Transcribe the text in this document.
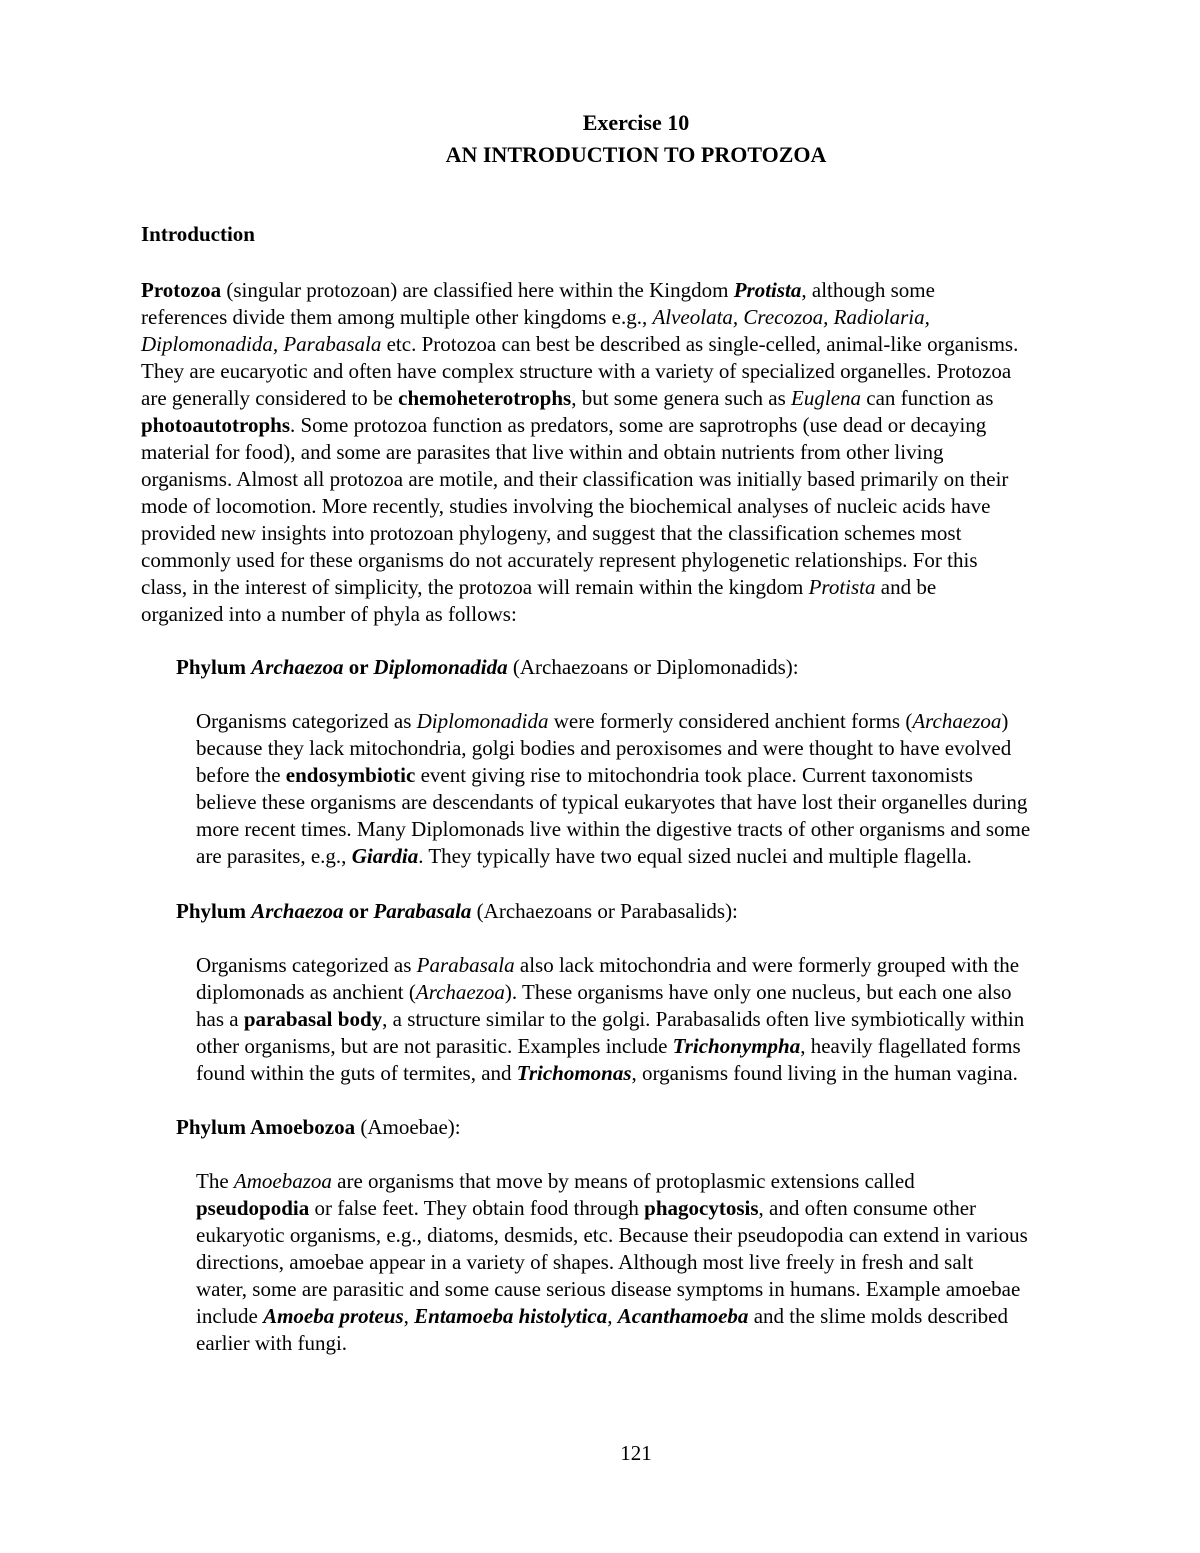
Exercise 10

AN INTRODUCTION TO PROTOZOA

Introduction

Protozoa (singular protozoan) are classified here within the Kingdom Protista, although some
references divide them among multiple other kingdoms e.g., Alveolata, Crecozoa, Radiolaria,
Diplomonadida, Parabasala etc. Protozoa can best be described as single-celled, animal-like organisms.
They are eucaryotic and often have complex structure with a variety of specialized organelles. Protozoa
are generally considered to be chemoheterotrophs, but some genera such as Euglena can function as
photoautotrophs. Some protozoa function as predators, some are saprotrophs (use dead or decaying
material for food), and some are parasites that live within and obtain nutrients from other living
organisms. Almost all protozoa are motile, and their classification was initially based primarily on their
mode of locomotion. More recently, studies involving the biochemical analyses of nucleic acids have
provided new insights into protozoan phylogeny, and suggest that the classification schemes most
commonly used for these organisms do not accurately represent phylogenetic relationships. For this
class, in the interest of simplicity, the protozoa will remain within the kingdom Protista and be
organized into a number of phyla as follows:

Phylum Archaezoa or Diplomonadida (Archaezoans or Diplomonadids):

Organisms categorized as Diplomonadida were formerly considered anchient forms (Archaezoa)
because they lack mitochondria, golgi bodies and peroxisomes and were thought to have evolved
before the endosymbiotic event giving rise to mitochondria took place. Current taxonomists
believe these organisms are descendants of typical eukaryotes that have lost their organelles during
more recent times. Many Diplomonads live within the digestive tracts of other organisms and some
are parasites, e.g., Giardia. They typically have two equal sized nuclei and multiple flagella.

Phylum Archaezoa or Parabasala (Archaezoans or Parabasalids):

Organisms categorized as Parabasala also lack mitochondria and were formerly grouped with the
diplomonads as anchient (Archaezoa). These organisms have only one nucleus, but each one also
has a parabasal body, a structure similar to the golgi. Parabasalids often live symbiotically within
other organisms, but are not parasitic. Examples include Trichonympha, heavily flagellated forms
found within the guts of termites, and Trichomonas, organisms found living in the human vagina.

Phylum Amoebozoa (Amoebae):

The Amoebazoa are organisms that move by means of protoplasmic extensions called
pseudopodia or false feet. They obtain food through phagocytosis, and often consume other
eukaryotic organisms, e.g., diatoms, desmids, etc. Because their pseudopodia can extend in various
directions, amoebae appear in a variety of shapes. Although most live freely in fresh and salt
water, some are parasitic and some cause serious disease symptoms in humans. Example amoebae
include Amoeba proteus, Entamoeba histolytica, Acanthamoeba and the slime molds described
earlier with fungi.

121
